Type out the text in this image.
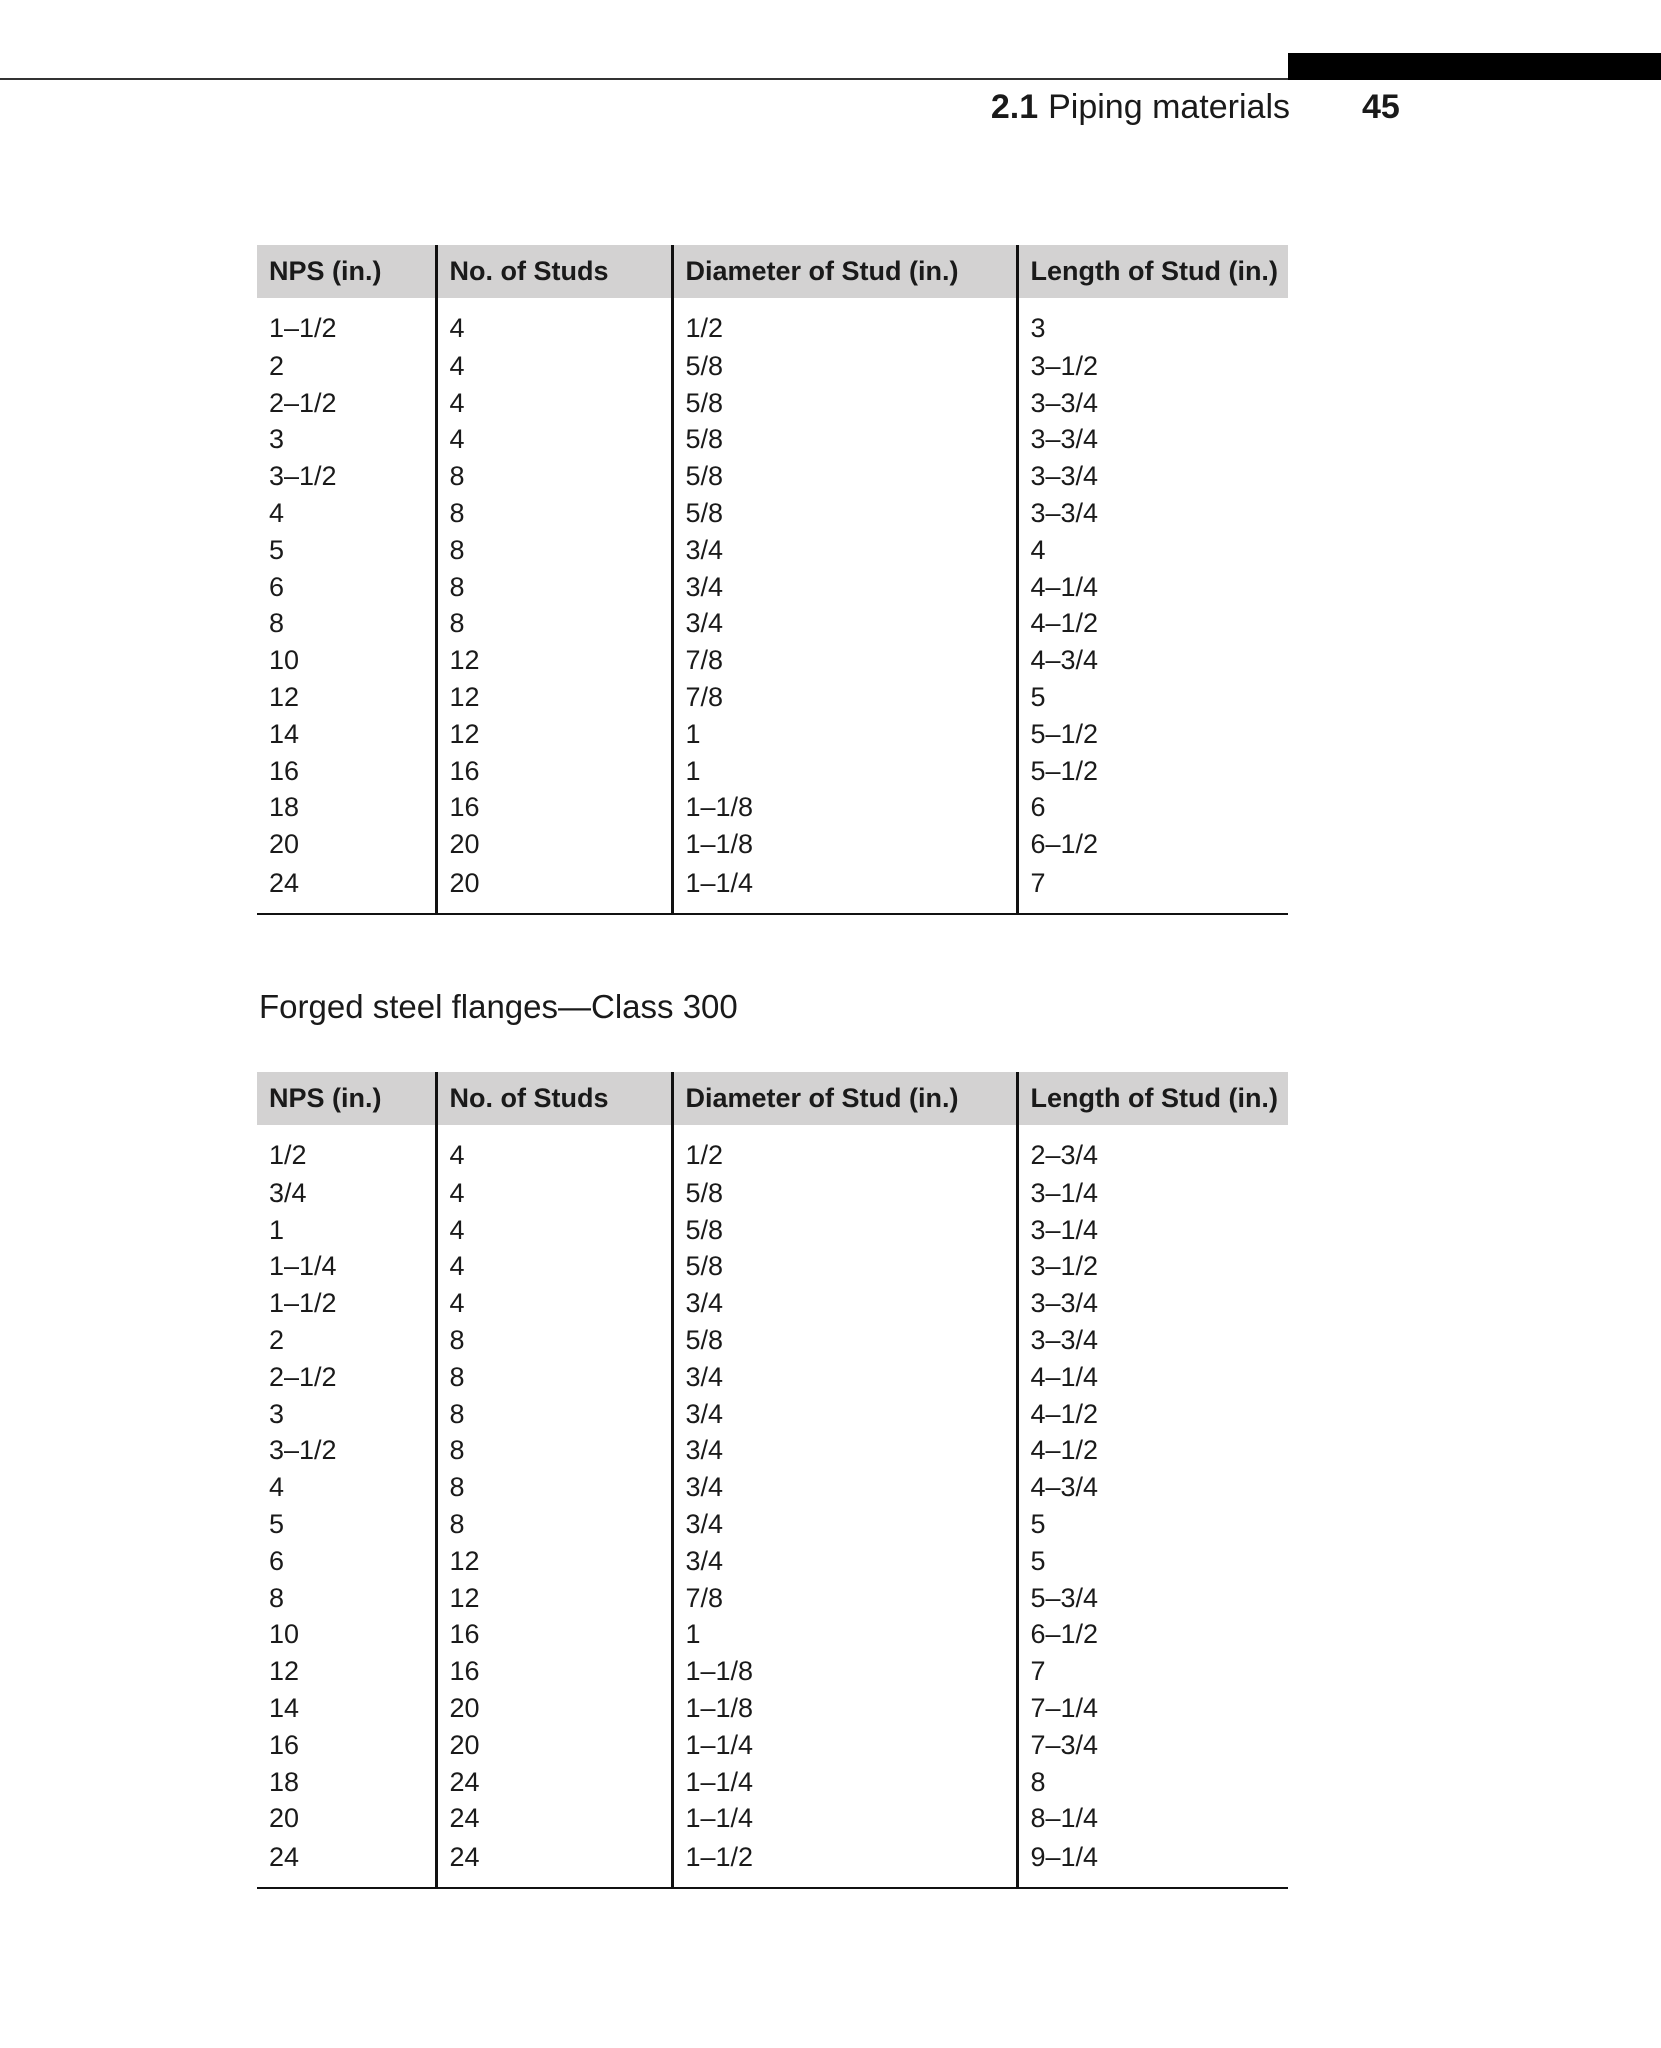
2.1 Piping materials 45
NPS (in.)	No. of Studs	Diameter of Stud (in.)	Length of Stud (in.)
1–1/2	4	1/2	3
2	4	5/8	3–1/2
2–1/2	4	5/8	3–3/4
3	4	5/8	3–3/4
3–1/2	8	5/8	3–3/4
4	8	5/8	3–3/4
5	8	3/4	4
6	8	3/4	4–1/4
8	8	3/4	4–1/2
10	12	7/8	4–3/4
12	12	7/8	5
14	12	1	5–1/2
16	16	1	5–1/2
18	16	1–1/8	6
20	20	1–1/8	6–1/2
24	20	1–1/4	7
Forged steel flanges—Class 300
NPS (in.)	No. of Studs	Diameter of Stud (in.)	Length of Stud (in.)
1/2	4	1/2	2–3/4
3/4	4	5/8	3–1/4
1	4	5/8	3–1/4
1–1/4	4	5/8	3–1/2
1–1/2	4	3/4	3–3/4
2	8	5/8	3–3/4
2–1/2	8	3/4	4–1/4
3	8	3/4	4–1/2
3–1/2	8	3/4	4–1/2
4	8	3/4	4–3/4
5	8	3/4	5
6	12	3/4	5
8	12	7/8	5–3/4
10	16	1	6–1/2
12	16	1–1/8	7
14	20	1–1/8	7–1/4
16	20	1–1/4	7–3/4
18	24	1–1/4	8
20	24	1–1/4	8–1/4
24	24	1–1/2	9–1/4
